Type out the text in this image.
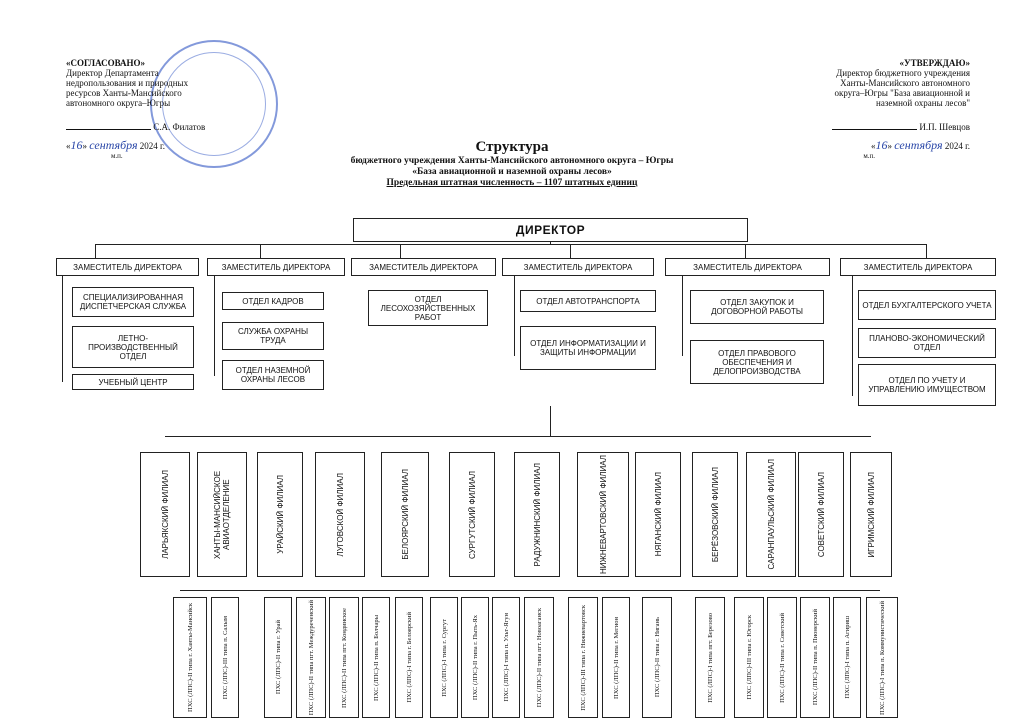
«СОГЛАСОВАНО»
Директор Департамента
недропользования и природных
ресурсов Ханты-Мансийского
автономного округа–Югры
С.А. Филатов
«16» сентября 2024 г.
м.п.
«УТВЕРЖДАЮ»
Директор бюджетного учреждения
Ханты-Мансийского автономного
округа–Югры "База авиационной и
наземной охраны лесов"
И.П. Шевцов
«16» сентября 2024 г.
м.п.
Структура
бюджетного учреждения Ханты-Мансийского автономного округа – Югры
«База авиационной и наземной охраны лесов»
Предельная штатная численность – 1107 штатных единиц
ДИРЕКТОР
ЗАМЕСТИТЕЛЬ ДИРЕКТОРА	ЗАМЕСТИТЕЛЬ ДИРЕКТОРА	ЗАМЕСТИТЕЛЬ ДИРЕКТОРА	ЗАМЕСТИТЕЛЬ ДИРЕКТОРА	ЗАМЕСТИТЕЛЬ ДИРЕКТОРА	ЗАМЕСТИТЕЛЬ ДИРЕКТОРА
СПЕЦИАЛИЗИРОВАННАЯ ДИСПЕТЧЕРСКАЯ СЛУЖБА
ЛЕТНО-ПРОИЗВОДСТВЕННЫЙ ОТДЕЛ
УЧЕБНЫЙ ЦЕНТР
ОТДЕЛ КАДРОВ
СЛУЖБА ОХРАНЫ ТРУДА
ОТДЕЛ НАЗЕМНОЙ ОХРАНЫ ЛЕСОВ
ОТДЕЛ ЛЕСОХОЗЯЙСТВЕННЫХ РАБОТ
ОТДЕЛ АВТОТРАНСПОРТА
ОТДЕЛ ИНФОРМАТИЗАЦИИ И ЗАЩИТЫ ИНФОРМАЦИИ
ОТДЕЛ ЗАКУПОК И ДОГОВОРНОЙ РАБОТЫ
ОТДЕЛ ПРАВОВОГО ОБЕСПЕЧЕНИЯ И ДЕЛОПРОИЗВОДСТВА
ОТДЕЛ БУХГАЛТЕРСКОГО УЧЕТА
ПЛАНОВО-ЭКОНОМИЧЕСКИЙ ОТДЕЛ
ОТДЕЛ ПО УЧЕТУ И УПРАВЛЕНИЮ ИМУЩЕСТВОМ
ЛАРЬЯКСКИЙ ФИЛИАЛ	ХАНТЫ-МАНСИЙСКОЕ АВИАОТДЕЛЕНИЕ	УРАЙСКИЙ ФИЛИАЛ	ЛУГОВСКОЙ ФИЛИАЛ	БЕЛОЯРСКИЙ ФИЛИАЛ	СУРГУТСКИЙ ФИЛИАЛ	РАДУЖНИНСКИЙ ФИЛИАЛ	НИЖНЕВАРТОВСКИЙ ФИЛИАЛ	НЯГАНСКИЙ ФИЛИАЛ	БЕРЁЗОВСКИЙ ФИЛИАЛ	САРАНПАУЛЬСКИЙ ФИЛИАЛ	СОВЕТСКИЙ ФИЛИАЛ	ИГРИМСКИЙ ФИЛИАЛ
ПХС (ЛПС)-II типа г. Ханты-Мансийск	ПХС (ЛПС)-III типа п. Салым	ПХС (ЛПС)-II типа г. Урай	ПХС (ЛПС)-II типа пгт. Междуреченский	ПХС (ЛПС)-II типа пгт. Кондинское	ПХС (ЛПС)-II типа п. Болчары	ПХС (ЛПС)-I типа г. Белоярский	ПХС (ЛПС)-I типа г. Сургут	ПХС (ЛПС)-II типа г. Пыть-Ях	ПХС (ЛПС)-I типа п. Ульт-Ягун	ПХС (ЛПС)-II типа пгт. Новоаганск	ПХС (ЛПС)-III типа г. Нижневартовск	ПХС (ЛПС)-II типа г. Мегион	ПХС (ЛПС)-II типа г. Нягань	ПХС (ЛПС)-I типа пгт. Березово	ПХС (ЛПС)-III типа г. Югорск	ПХС (ЛПС)-II типа г. Советский	ПХС (ЛПС)-II типа п. Пионерский	ПХС (ЛПС)-I типа п. Агириш	ПХС (ЛПС)-I типа п. Коммунистический
